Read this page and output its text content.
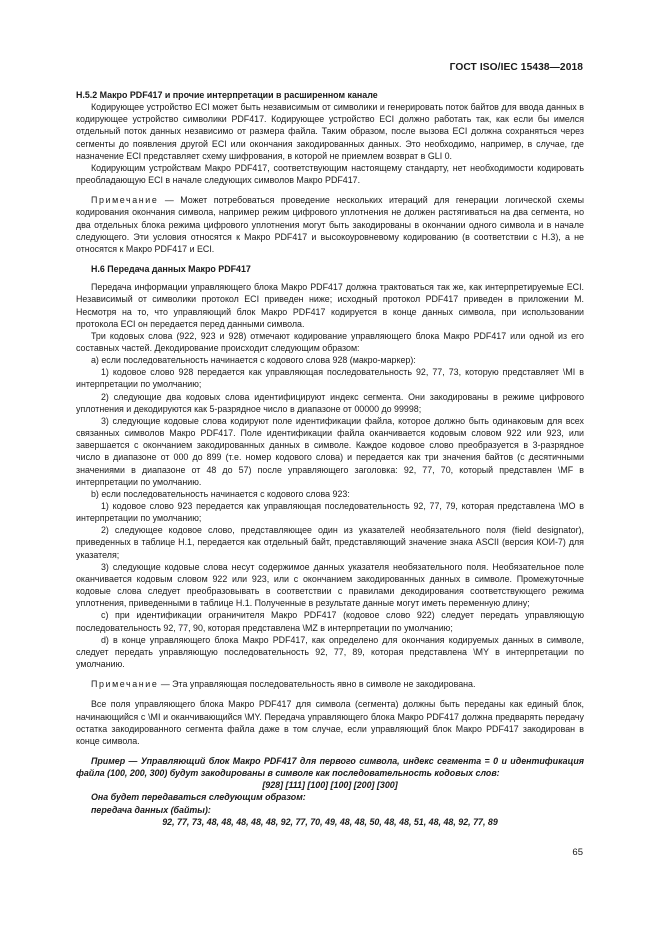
ГОСТ ISO/IEC 15438—2018

H.5.2 Макро PDF417 и прочие интерпретации в расширенном канале

Кодирующее устройство ECI может быть независимым от символики и генерировать поток байтов для ввода данных в кодирующее устройство символики PDF417. Кодирующее устройство ECI должно работать так, как если бы имелся отдельный поток данных независимо от размера файла. Таким образом, после вызова ECI должна сохраняться через сегменты до появления другой ECI или окончания закодированных данных. Это необходимо, например, в случае, где назначение ECI представляет схему шифрования, в которой не приемлем возврат в GLI 0.

Кодирующим устройствам Макро PDF417, соответствующим настоящему стандарту, нет необходимости кодировать преобладающую ECI в начале следующих символов Макро PDF417.

Примечание — Может потребоваться проведение нескольких итераций для генерации логической схемы кодирования окончания символа, например режим цифрового уплотнения не должен растягиваться на два сегмента, но два отдельных блока режима цифрового уплотнения могут быть закодированы в окончании одного символа и в начале следующего. Эти условия относятся к Макро PDF417 и высокоуровневому кодированию (в соответствии с Н.3), а не относятся к Макро PDF417 и ECI.

H.6 Передача данных Макро PDF417

Передача информации управляющего блока Макро PDF417 должна трактоваться так же, как интерпретируемые ECI. Независимый от символики протокол ECI приведен ниже; исходный протокол PDF417 приведен в приложении М. Несмотря на то, что управляющий блок Макро PDF417 кодируется в конце данных символа, при использовании протокола ECI он передается перед данными символа.

Три кодовых слова (922, 923 и 928) отмечают кодирование управляющего блока Макро PDF417 или одной из его составных частей. Декодирование происходит следующим образом:

а) если последовательность начинается с кодового слова 928 (макро-маркер):

1) кодовое слово 928 передается как управляющая последовательность 92, 77, 73, которую представляет \MI в интерпретации по умолчанию;

2) следующие два кодовых слова идентифицируют индекс сегмента. Они закодированы в режиме цифрового уплотнения и декодируются как 5-разрядное число в диапазоне от 00000 до 99998;

3) следующие кодовые слова кодируют поле идентификации файла, которое должно быть одинаковым для всех связанных символов Макро PDF417. Поле идентификации файла оканчивается кодовым словом 922 или 923, или завершается с окончанием закодированных данных в символе. Каждое кодовое слово преобразуется в 3-разрядное число в диапазоне от 000 до 899 (т.е. номер кодового слова) и передается как три значения байтов (с десятичными значениями в диапазоне от 48 до 57) после управляющего заголовка: 92, 77, 70, который представлен \MF в интерпретации по умолчанию.

b) если последовательность начинается с кодового слова 923:

1) кодовое слово 923 передается как управляющая последовательность 92, 77, 79, которая представлена \MO в интерпретации по умолчанию;

2) следующее кодовое слово, представляющее один из указателей необязательного поля (field designator), приведенных в таблице Н.1, передается как отдельный байт, представляющий значение знака ASCII (версия КОИ-7) для указателя;

3) следующие кодовые слова несут содержимое данных указателя необязательного поля. Необязательное поле оканчивается кодовым словом 922 или 923, или с окончанием закодированных данных в символе. Промежуточные кодовые слова следует преобразовывать в соответствии с правилами декодирования соответствующего режима уплотнения, приведенными в таблице Н.1. Полученные в результате данные могут иметь переменную длину;

с) при идентификации ограничителя Макро PDF417 (кодовое слово 922) следует передать управляющую последовательность 92, 77, 90, которая представлена \MZ в интерпретации по умолчанию;

d) в конце управляющего блока Макро PDF417, как определено для окончания кодируемых данных в символе, следует передать управляющую последовательность 92, 77, 89, которая представлена \MY в интерпретации по умолчанию.

Примечание — Эта управляющая последовательность явно в символе не закодирована.

Все поля управляющего блока Макро PDF417 для символа (сегмента) должны быть переданы как единый блок, начинающийся с \MI и оканчивающийся \MY. Передача управляющего блока Макро PDF417 должна предварять передачу остатка закодированного сегмента файла даже в том случае, если управляющий блок Макро PDF417 закодирован в конце символа.

Пример — Управляющий блок Макро PDF417 для первого символа, индекс сегмента = 0 и идентификация файла (100, 200, 300) будут закодированы в символе как последовательность кодовых слов:

[928] [111] [100] [100] [200] [300]

Она будет передаваться следующим образом:

передача данных (байты):

92, 77, 73, 48, 48, 48, 48, 48, 92, 77, 70, 49, 48, 48, 50, 48, 48, 51, 48, 48, 92, 77, 89

65
